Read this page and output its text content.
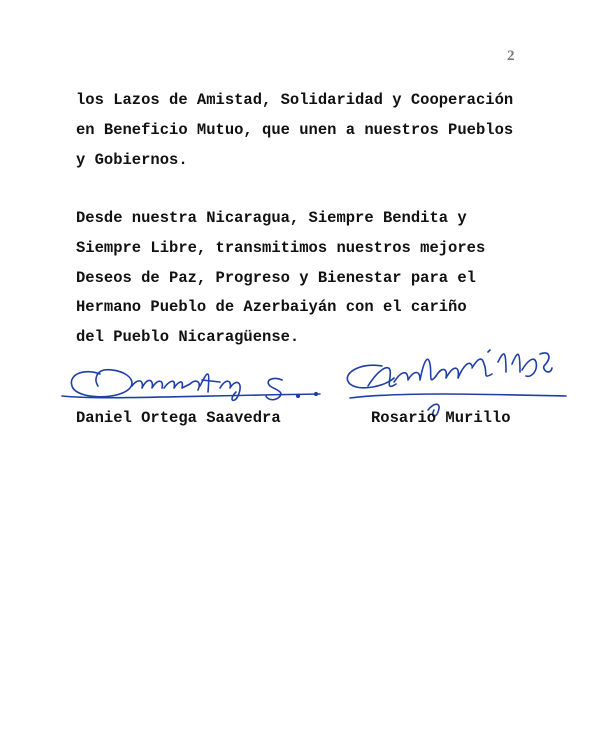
2
los Lazos de Amistad, Solidaridad y Cooperación
en Beneficio Mutuo, que unen a nuestros Pueblos
y Gobiernos.
Desde nuestra Nicaragua, Siempre Bendita y
Siempre Libre, transmitimos nuestros mejores
Deseos de Paz, Progreso y Bienestar para el
Hermano Pueblo de Azerbaiyán con el cariño
del Pueblo Nicaragüense.
Daniel Ortega Saavedra	Rosario Murillo
